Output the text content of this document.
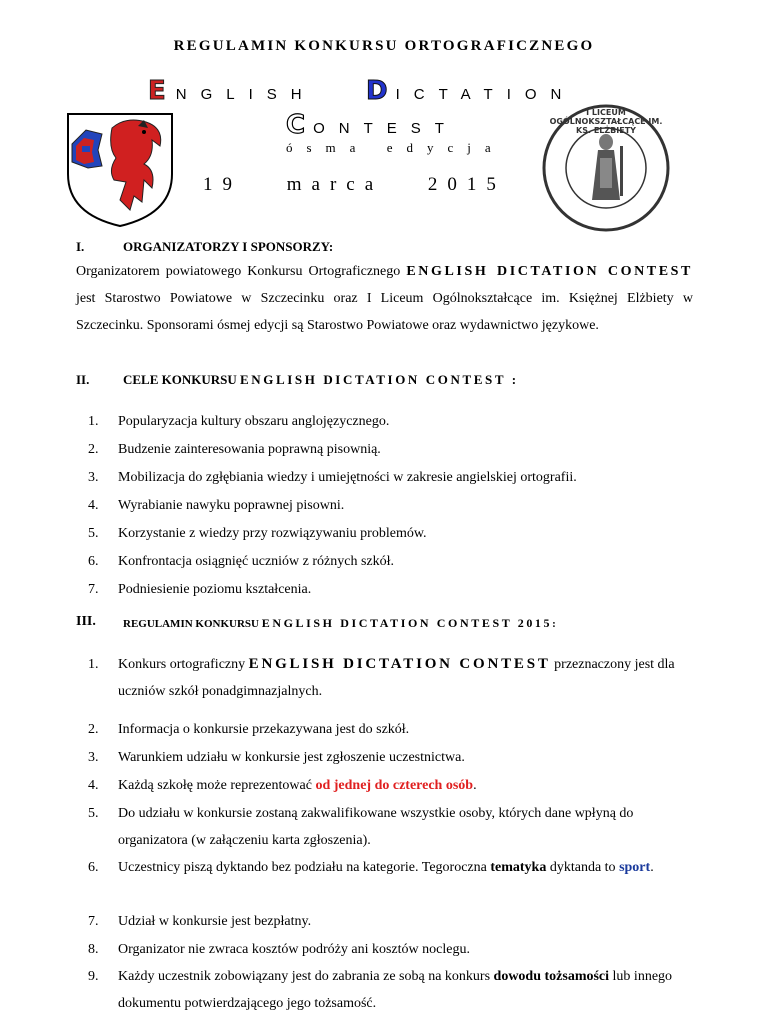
REGULAMIN KONKURSU ORTOGRAFICZNEGO
ENGLISH DICTATION
CONTEST
ósma edycja
19 marca 2015
I LICEUM OGÓLNOKSZTAŁCĄCE IM. KS. ELŻBIETY
I.	ORGANIZATORZY I SPONSORZY:
Organizatorem powiatowego Konkursu Ortograficznego ENGLISH DICTATION CONTEST jest Starostwo Powiatowe w Szczecinku oraz I Liceum Ogólnokształcące im. Księżnej Elżbiety w Szczecinku. Sponsorami ósmej edycji są Starostwo Powiatowe oraz wydawnictwo językowe.
II.	CELE KONKURSU ENGLISH DICTATION CONTEST :
1. Popularyzacja kultury obszaru anglojęzycznego.
2. Budzenie zainteresowania poprawną pisownią.
3. Mobilizacja do zgłębiania wiedzy i umiejętności w zakresie angielskiej ortografii.
4. Wyrabianie nawyku poprawnej pisowni.
5. Korzystanie z wiedzy przy rozwiązywaniu problemów.
6. Konfrontacja osiągnięć uczniów z różnych szkół.
7. Podniesienie poziomu kształcenia.
III. REGULAMIN KONKURSU ENGLISH DICTATION CONTEST 2015:
1. Konkurs ortograficzny ENGLISH DICTATION CONTEST przeznaczony jest dla uczniów szkół ponadgimnazjalnych.
2. Informacja o konkursie przekazywana jest do szkół.
3. Warunkiem udziału w konkursie jest zgłoszenie uczestnictwa.
4. Każdą szkołę może reprezentować od jednej do czterech osób.
5. Do udziału w konkursie zostaną zakwalifikowane wszystkie osoby, których dane wpłyną do organizatora (w załączeniu karta zgłoszenia).
6. Uczestnicy piszą dyktando bez podziału na kategorie. Tegoroczna tematyka dyktanda to sport.
7. Udział w konkursie jest bezpłatny.
8. Organizator nie zwraca kosztów podróży ani kosztów noclegu.
9. Każdy uczestnik zobowiązany jest do zabrania ze sobą na konkurs dowodu tożsamości lub innego dokumentu potwierdzającego jego tożsamość.
